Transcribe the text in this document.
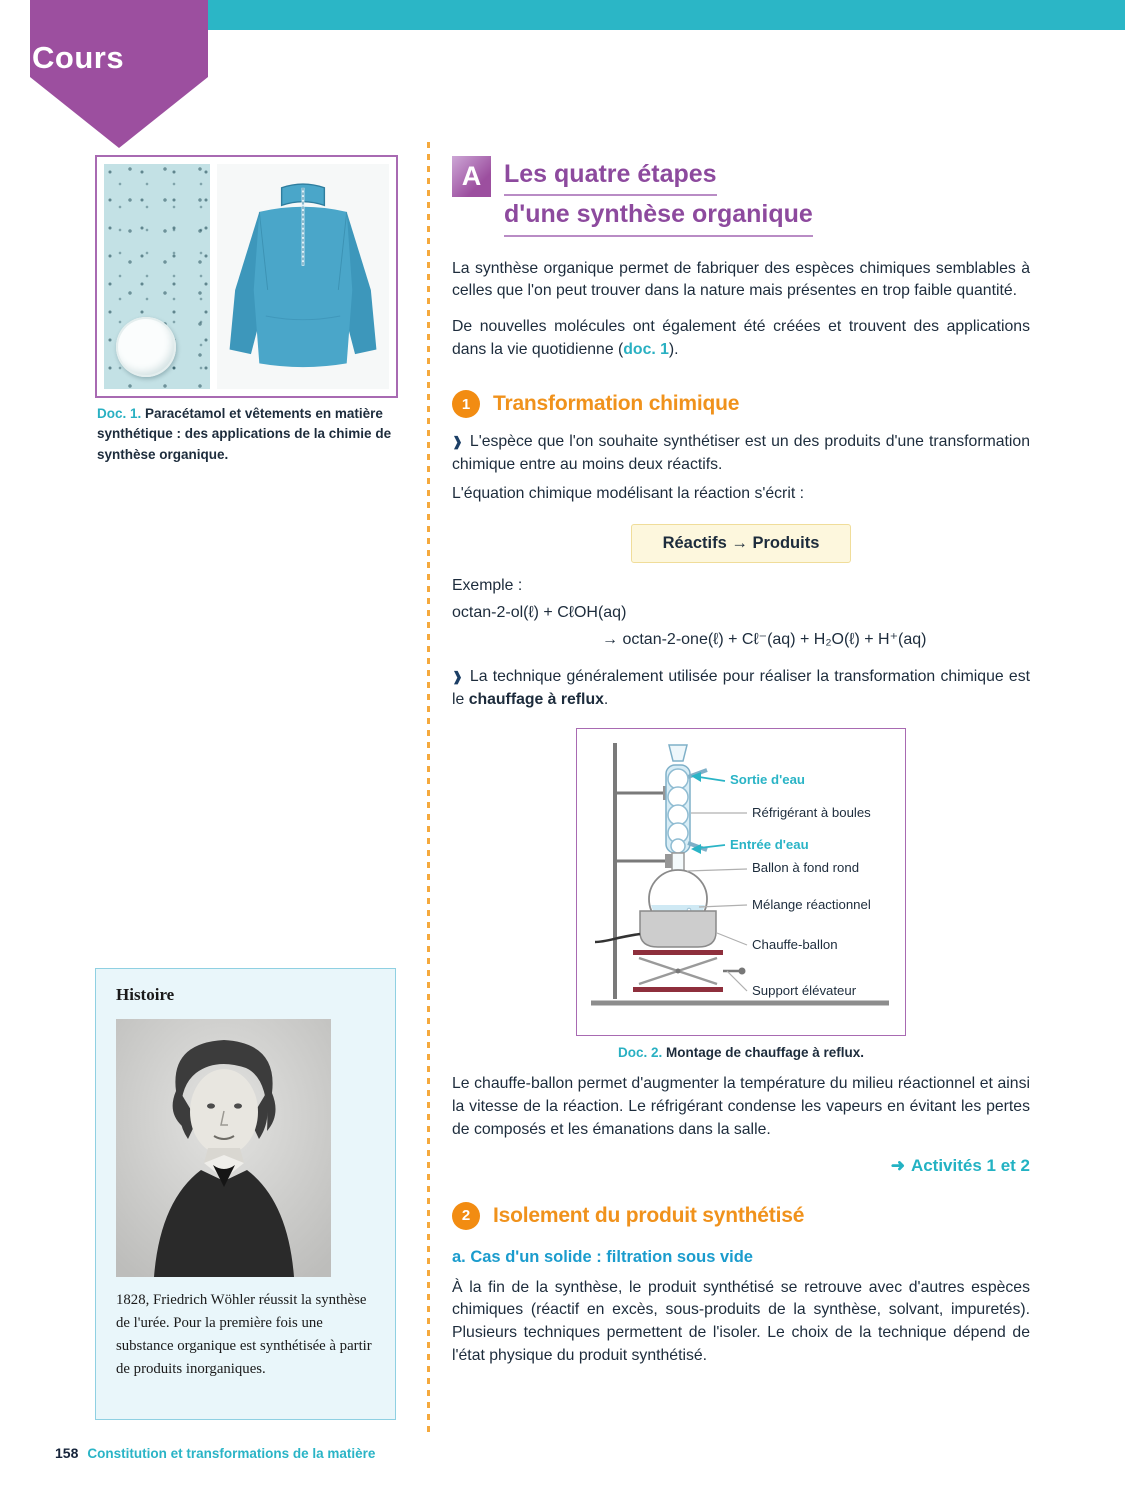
Cours
Doc. 1. Paracétamol et vêtements en matière synthétique : des applications de la chimie de synthèse organique.
Histoire

1828, Friedrich Wöhler réussit la synthèse de l'urée. Pour la première fois une substance organique est synthétisée à partir de produits inorganiques.

A Les quatre étapes
d'une synthèse organique

La synthèse organique permet de fabriquer des espèces chimiques semblables à celles que l'on peut trouver dans la nature mais présentes en trop faible quantité.

De nouvelles molécules ont également été créées et trouvent des applications dans la vie quotidienne (doc. 1).

1	Transformation chimique

❱ L'espèce que l'on souhaite synthétiser est un des produits d'une transformation chimique entre au moins deux réactifs.

L'équation chimique modélisant la réaction s'écrit :

Réactifs → Produits

Exemple :

octan-2-ol(ℓ) + CℓOH(aq)
→ octan-2-one(ℓ) + Cℓ⁻(aq) + H₂O(ℓ) + H⁺(aq)

❱ La technique généralement utilisée pour réaliser la transformation chimique est le chauffage à reflux.

Sortie d'eau
Réfrigérant à boules
Entrée d'eau
Ballon à fond rond
Mélange réactionnel
Chauffe-ballon
Support élévateur
Doc. 2. Montage de chauffage à reflux.

Le chauffe-ballon permet d'augmenter la température du milieu réactionnel et ainsi la vitesse de la réaction. Le réfrigérant condense les vapeurs en évitant les pertes de composés et les émanations dans la salle.

➜ Activités 1 et 2
2	Isolement du produit synthétisé
a. Cas d'un solide : filtration sous vide

À la fin de la synthèse, le produit synthétisé se retrouve avec d'autres espèces chimiques (réactif en excès, sous-produits de la synthèse, solvant, impuretés). Plusieurs techniques permettent de l'isoler. Le choix de la technique dépend de l'état physique du produit synthétisé.

158 Constitution et transformations de la matière
